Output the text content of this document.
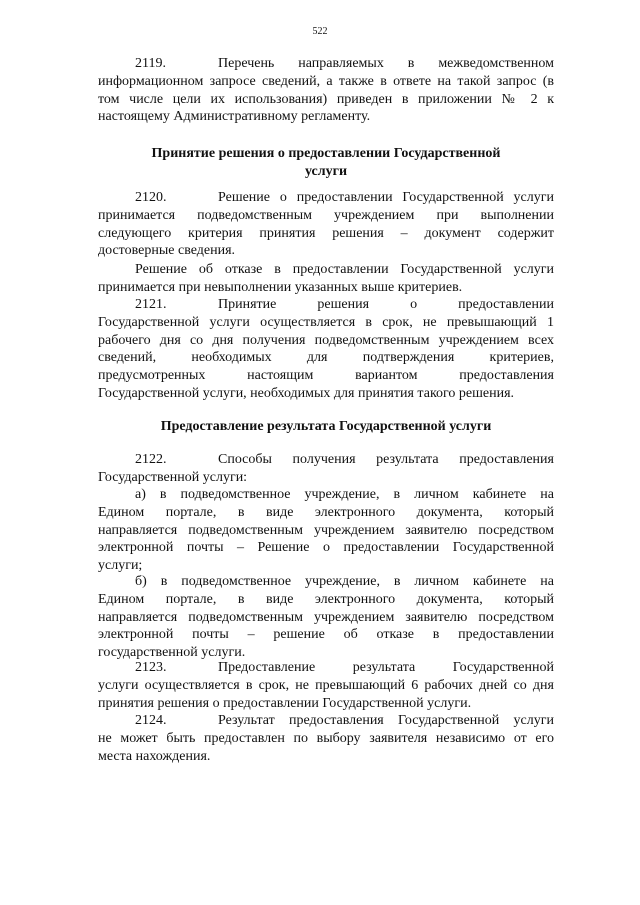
522
2119.	Перечень направляемых в межведомственном
информационном запросе сведений, а также в ответе на такой запрос (в
том числе цели их использования) приведен в приложении № 2 к
настоящему Административному регламенту.
Принятие решения о предоставлении Государственной
услуги
2120.	Решение о предоставлении Государственной услуги
принимается подведомственным учреждением при выполнении
следующего критерия принятия решения – документ содержит
достоверные сведения.
Решение об отказе в предоставлении Государственной услуги
принимается при невыполнении указанных выше критериев.
2121.	Принятие решения о предоставлении
Государственной услуги осуществляется в срок, не превышающий 1
рабочего дня со дня получения подведомственным учреждением всех
сведений, необходимых для подтверждения критериев,
предусмотренных настоящим вариантом предоставления
Государственной услуги, необходимых для принятия такого решения.
Предоставление результата Государственной услуги
2122.	Способы получения результата предоставления
Государственной услуги:
а) в подведомственное учреждение, в личном кабинете на
Едином портале, в виде электронного документа, который
направляется подведомственным учреждением заявителю посредством
электронной почты – Решение о предоставлении Государственной
услуги;
б) в подведомственное учреждение, в личном кабинете на
Едином портале, в виде электронного документа, который
направляется подведомственным учреждением заявителю посредством
электронной почты – решение об отказе в предоставлении
государственной услуги.
2123.	Предоставление результата Государственной
услуги осуществляется в срок, не превышающий 6 рабочих дней со дня
принятия решения о предоставлении Государственной услуги.
2124.	Результат предоставления Государственной услуги
не может быть предоставлен по выбору заявителя независимо от его
места нахождения.
